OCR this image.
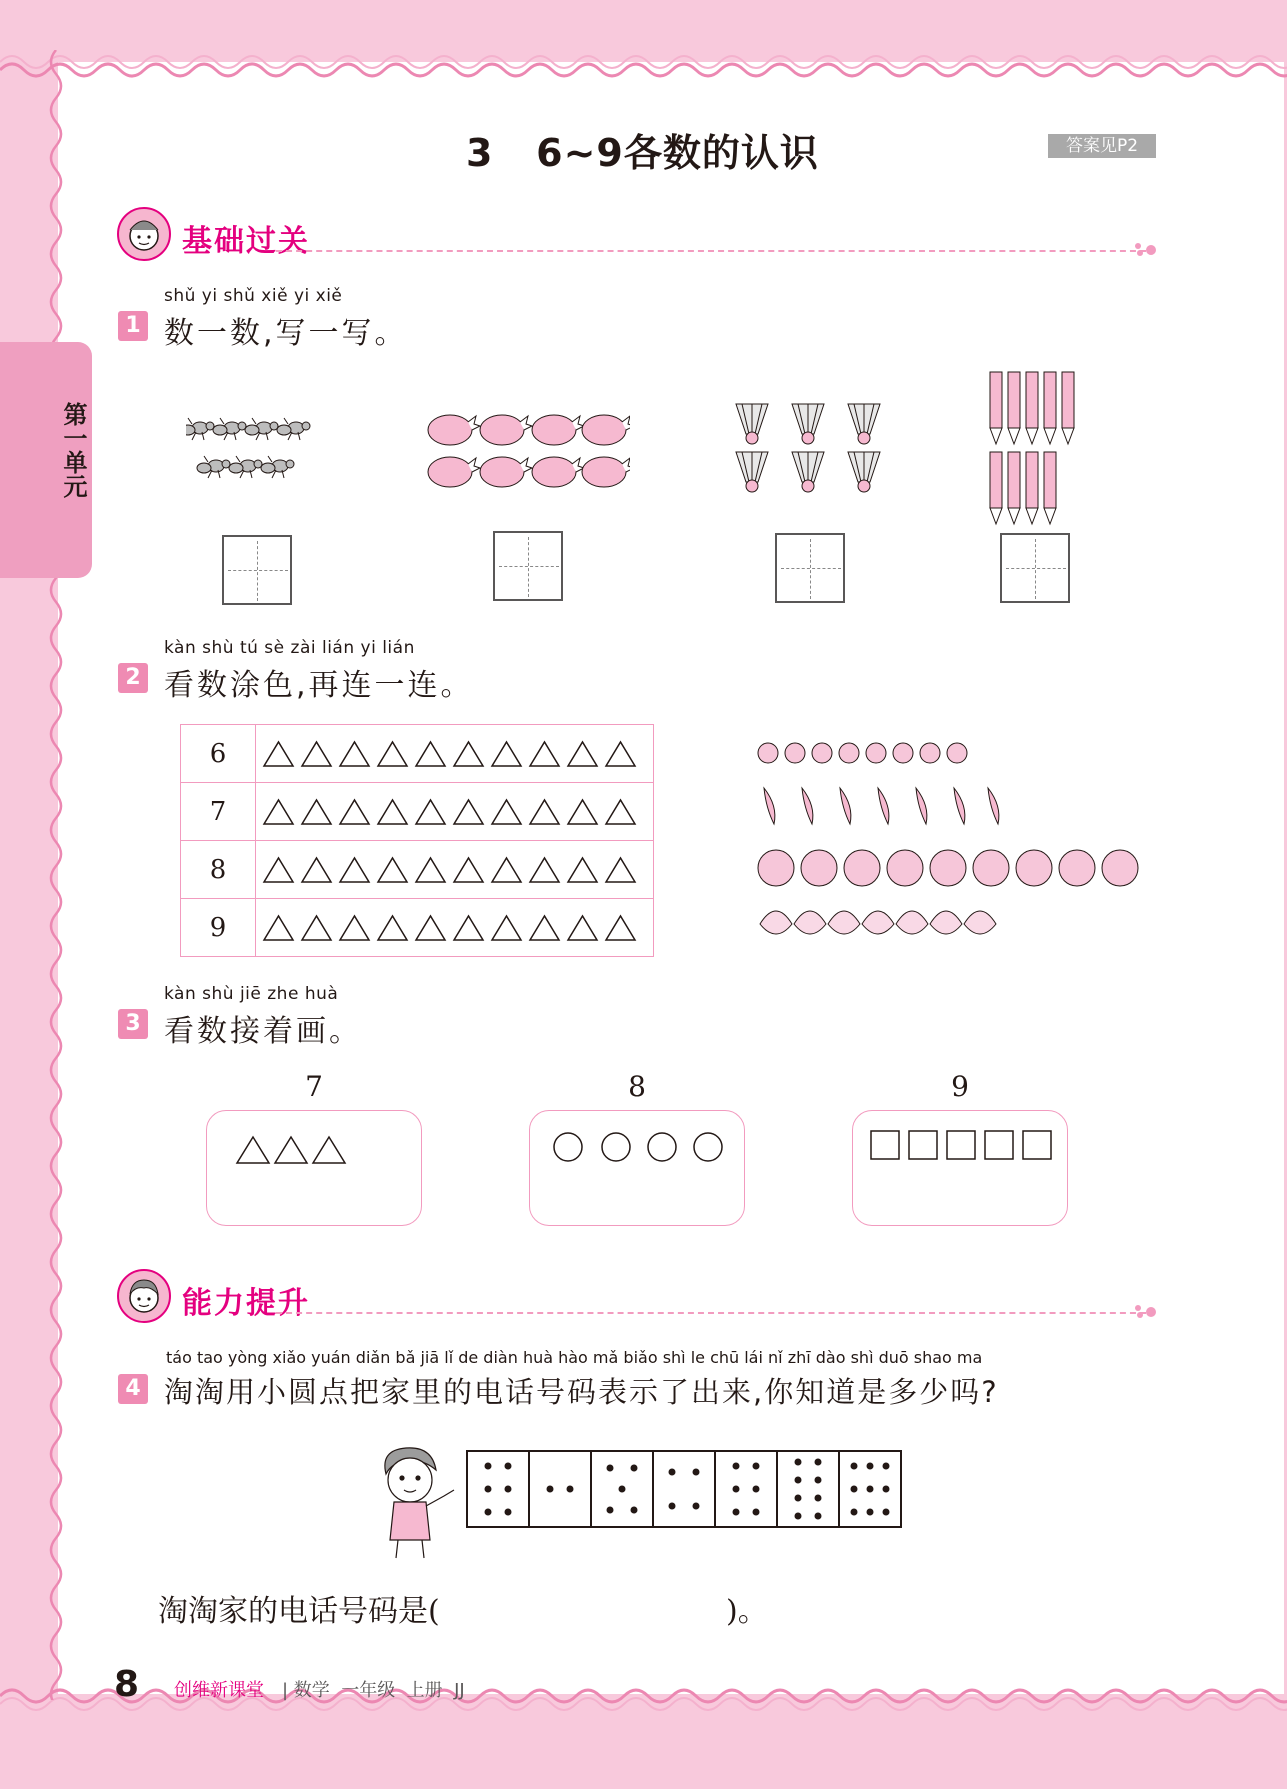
第一单元
3   6~9各数的认识	答案见P2
基础过关
shǔ yi shǔ xiě yi xiě
1 数一数,写一写。
kàn shù tú sè zài lián yi lián
2 看数涂色,再连一连。
6	

7	

8	

9	
kàn shù jiē zhe huà
3 看数接着画。
7	8	9
能力提升
táo tao yòng xiǎo yuán diǎn bǎ jiā lǐ de diàn huà hào mǎ biǎo shì le chū lái nǐ zhī dào shì duō shao ma
4 淘淘用小圆点把家里的电话号码表示了出来,你知道是多少吗?
淘淘家的电话号码是(	)。
8 创维新课堂 | 数学  一年级  上册  JJ
